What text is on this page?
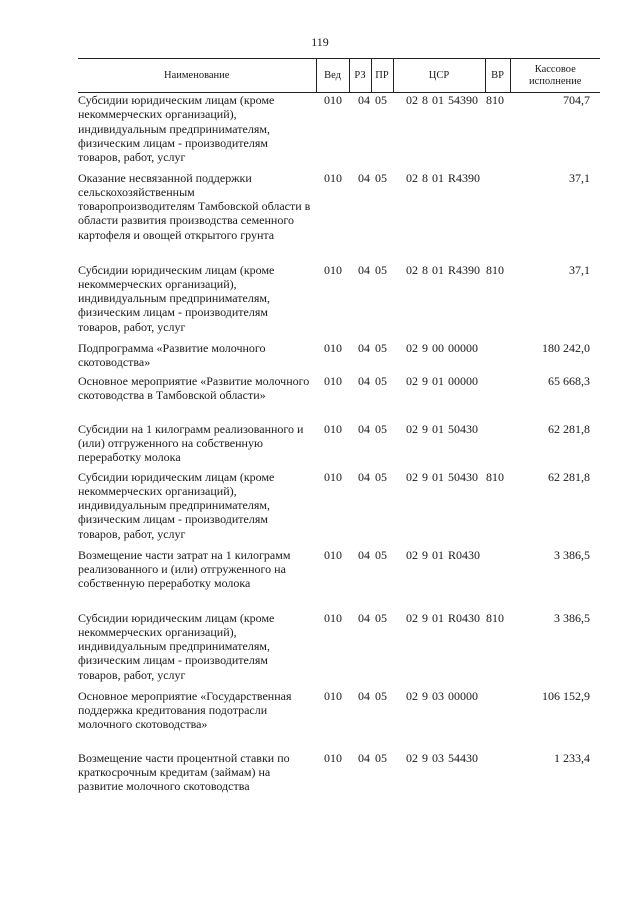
119
Наименование	Вед	РЗ	ПР	ЦСР	ВР	Кассовое исполнение
Субсидии юридическим лицам (кроме некоммерческих организаций), индивидуальным предпринимателям, физическим лицам - производителям товаров, работ, услуг	010	04	05	02 8 01 54390	810	704,7
Оказание несвязанной поддержки сельскохозяйственным товаропроизводителям Тамбовской области в области развития производства семенного картофеля и овощей открытого грунта	010	04	05	02 8 01 R4390		37,1
Субсидии юридическим лицам (кроме некоммерческих организаций), индивидуальным предпринимателям, физическим лицам - производителям товаров, работ, услуг	010	04	05	02 8 01 R4390	810	37,1
Подпрограмма «Развитие молочного скотоводства»	010	04	05	02 9 00 00000		180 242,0
Основное мероприятие «Развитие молочного скотоводства в Тамбовской области»	010	04	05	02 9 01 00000		65 668,3
Субсидии на 1 килограмм реализованного и (или) отгруженного на собственную переработку молока	010	04	05	02 9 01 50430		62 281,8
Субсидии юридическим лицам (кроме некоммерческих организаций), индивидуальным предпринимателям, физическим лицам - производителям товаров, работ, услуг	010	04	05	02 9 01 50430	810	62 281,8
Возмещение части затрат на 1 килограмм реализованного и (или) отгруженного на собственную переработку молока	010	04	05	02 9 01 R0430		3 386,5
Субсидии юридическим лицам (кроме некоммерческих организаций), индивидуальным предпринимателям, физическим лицам - производителям товаров, работ, услуг	010	04	05	02 9 01 R0430	810	3 386,5
Основное мероприятие «Государственная поддержка кредитования подотрасли молочного скотоводства»	010	04	05	02 9 03 00000		106 152,9
Возмещение части процентной ставки по краткосрочным кредитам (займам) на развитие молочного скотоводства	010	04	05	02 9 03 54430		1 233,4
